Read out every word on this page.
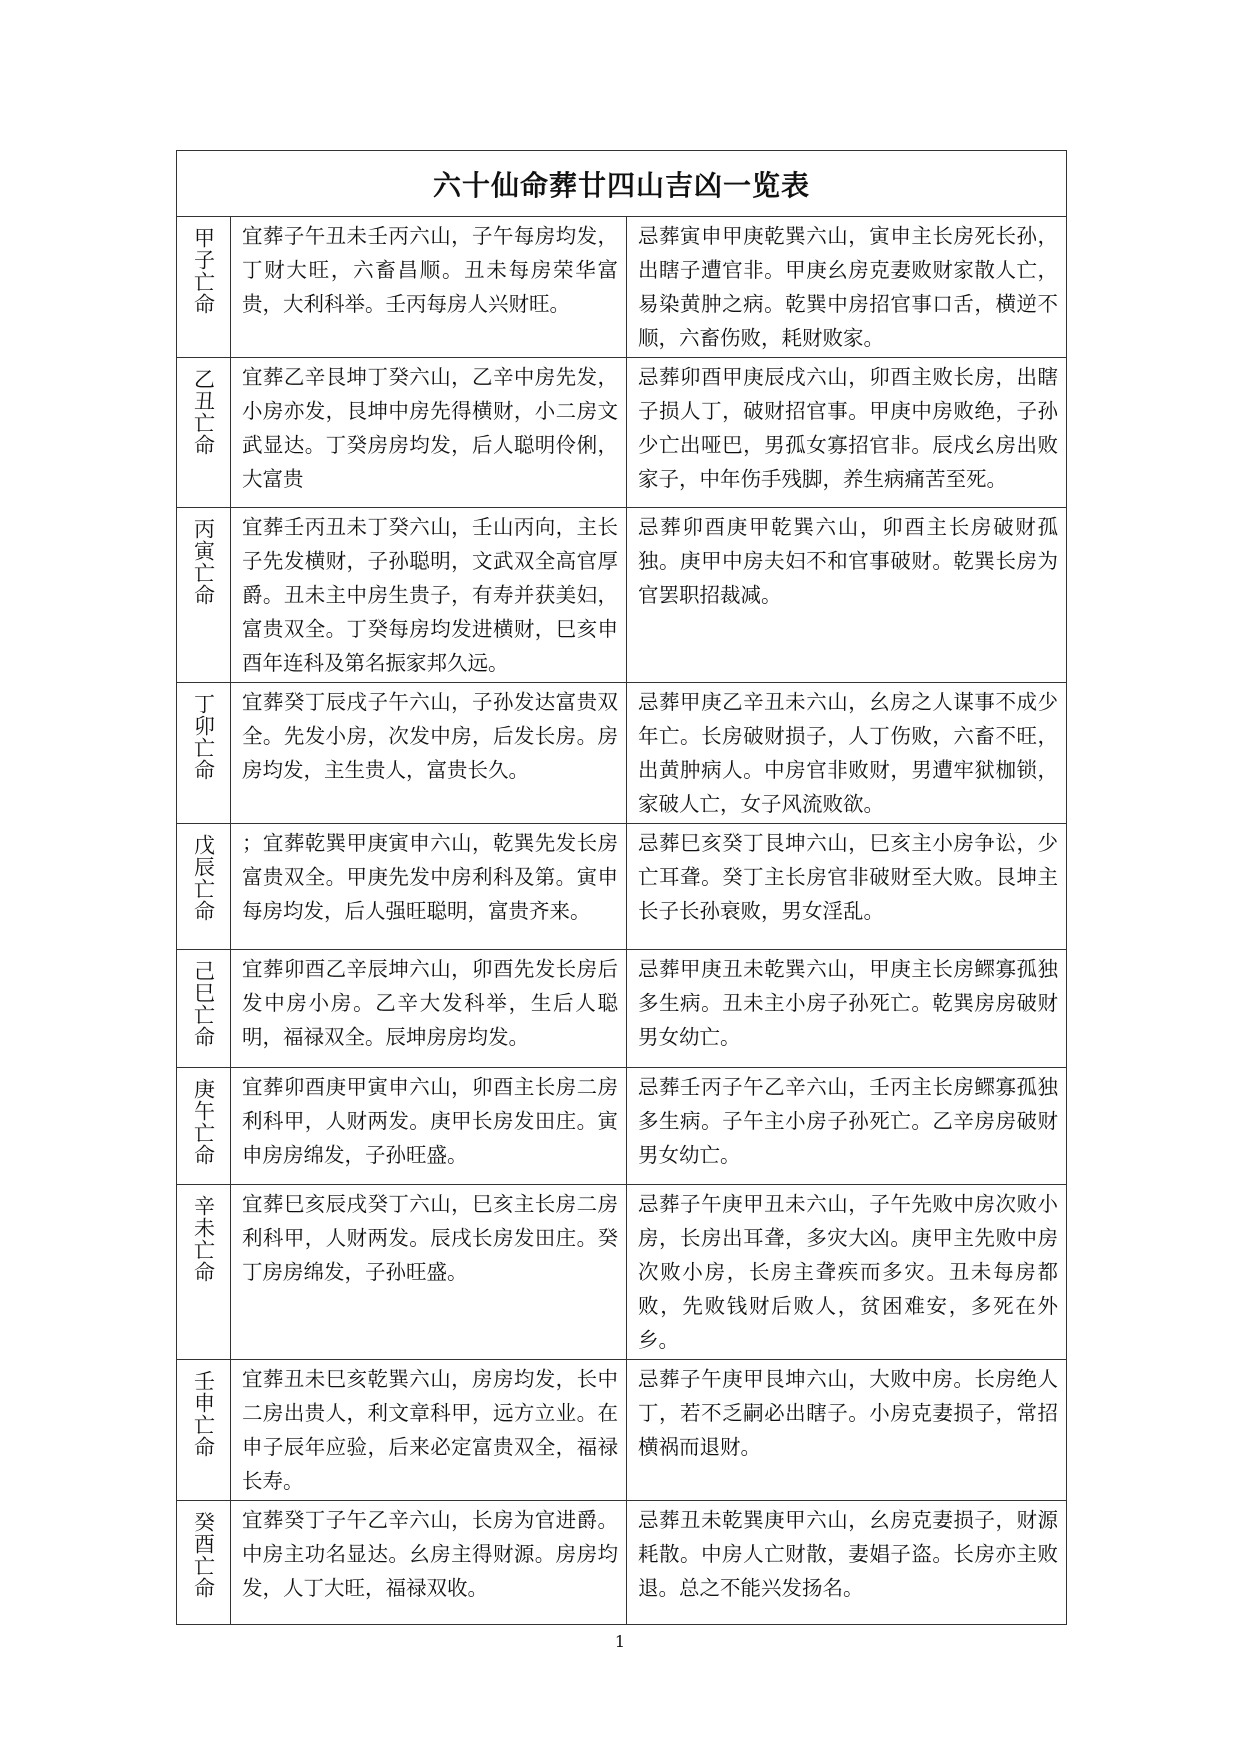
六十仙命葬廿四山吉凶一览表		
甲子亡命	宜葬子午丑未壬丙六山，子午每房均发，丁财大旺，六畜昌顺。丑未每房荣华富贵，大利科举。壬丙每房人兴财旺。	忌葬寅申甲庚乾巽六山，寅申主长房死长孙，出瞎子遭官非。甲庚幺房克妻败财家散人亡，易染黄肿之病。乾巽中房招官事口舌，横逆不顺，六畜伤败，耗财败家。
乙丑亡命	宜葬乙辛艮坤丁癸六山，乙辛中房先发，小房亦发，艮坤中房先得横财，小二房文武显达。丁癸房房均发，后人聪明伶俐，大富贵	忌葬卯酉甲庚辰戌六山，卯酉主败长房，出瞎子损人丁，破财招官事。甲庚中房败绝，子孙少亡出哑巴，男孤女寡招官非。辰戌幺房出败家子，中年伤手残脚，养生病痛苦至死。
丙寅亡命	宜葬壬丙丑未丁癸六山，壬山丙向，主长子先发横财，子孙聪明，文武双全高官厚爵。丑未主中房生贵子，有寿并获美妇，富贵双全。丁癸每房均发进横财，巳亥申酉年连科及第名振家邦久远。	忌葬卯酉庚甲乾巽六山，卯酉主长房破财孤独。庚甲中房夫妇不和官事破财。乾巽长房为官罢职招裁减。
丁卯亡命	宜葬癸丁辰戌子午六山，子孙发达富贵双全。先发小房，次发中房，后发长房。房房均发，主生贵人，富贵长久。	忌葬甲庚乙辛丑未六山，幺房之人谋事不成少年亡。长房破财损子，人丁伤败，六畜不旺，出黄肿病人。中房官非败财，男遭牢狱枷锁，家破人亡，女子风流败欲。
戊辰亡命	；宜葬乾巽甲庚寅申六山，乾巽先发长房富贵双全。甲庚先发中房利科及第。寅申每房均发，后人强旺聪明，富贵齐来。	忌葬巳亥癸丁艮坤六山，巳亥主小房争讼，少亡耳聋。癸丁主长房官非破财至大败。艮坤主长子长孙衰败，男女淫乱。
己巳亡命	宜葬卯酉乙辛辰坤六山，卯酉先发长房后发中房小房。乙辛大发科举，生后人聪明，福禄双全。辰坤房房均发。	忌葬甲庚丑未乾巽六山，甲庚主长房鳏寡孤独多生病。丑未主小房子孙死亡。乾巽房房破财男女幼亡。
庚午亡命	宜葬卯酉庚甲寅申六山，卯酉主长房二房利科甲，人财两发。庚甲长房发田庄。寅申房房绵发，子孙旺盛。	忌葬壬丙子午乙辛六山，壬丙主长房鳏寡孤独多生病。子午主小房子孙死亡。乙辛房房破财男女幼亡。
辛未亡命	宜葬巳亥辰戌癸丁六山，巳亥主长房二房利科甲，人财两发。辰戌长房发田庄。癸丁房房绵发，子孙旺盛。	忌葬子午庚甲丑未六山，子午先败中房次败小房，长房出耳聋，多灾大凶。庚甲主先败中房次败小房，长房主聋疾而多灾。丑未每房都败，先败钱财后败人，贫困难安，多死在外乡。
壬申亡命	宜葬丑未巳亥乾巽六山，房房均发，长中二房出贵人，利文章科甲，远方立业。在申子辰年应验，后来必定富贵双全，福禄长寿。	忌葬子午庚甲艮坤六山，大败中房。长房绝人丁，若不乏嗣必出瞎子。小房克妻损子，常招横祸而退财。
癸酉亡命	宜葬癸丁子午乙辛六山，长房为官进爵。中房主功名显达。幺房主得财源。房房均发，人丁大旺，福禄双收。	忌葬丑未乾巽庚甲六山，幺房克妻损子，财源耗散。中房人亡财散，妻娼子盗。长房亦主败退。总之不能兴发扬名。
1
